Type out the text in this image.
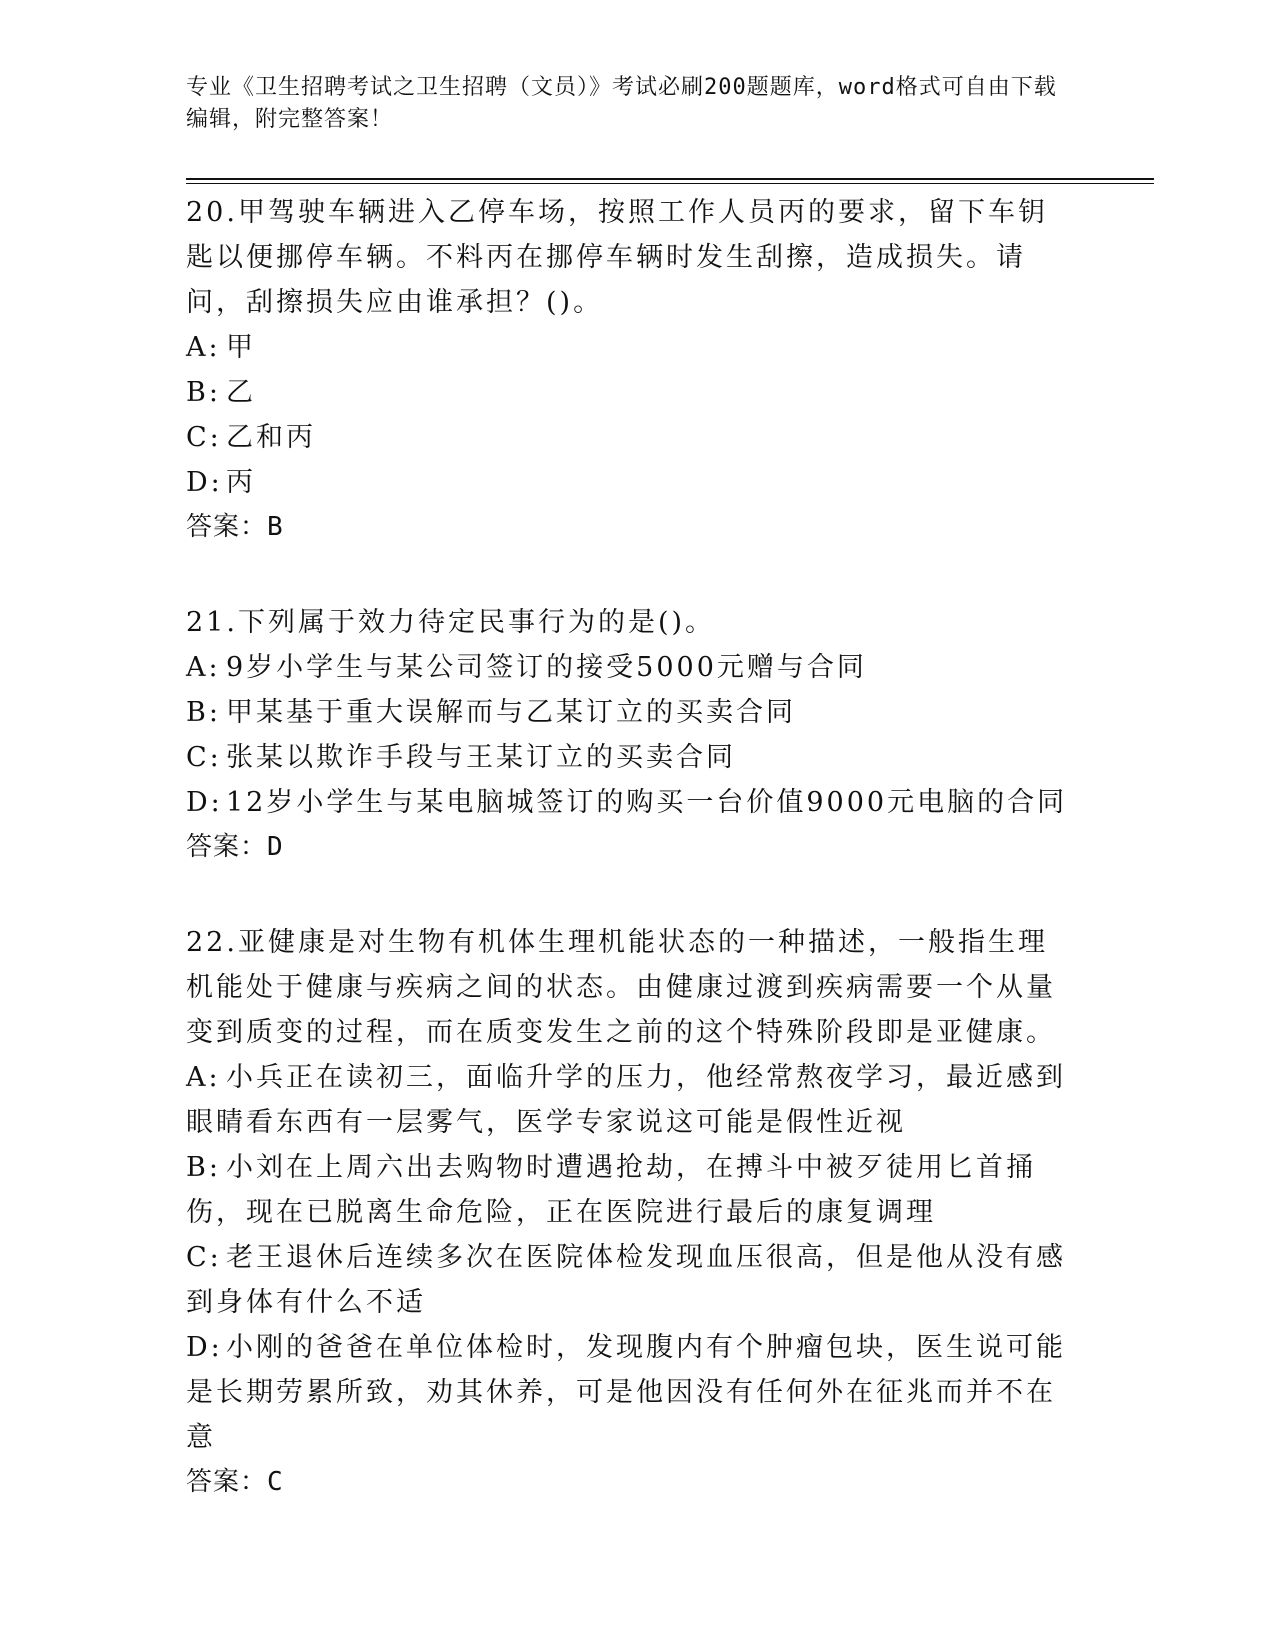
专业《卫生招聘考试之卫生招聘（文员）》考试必刷200题题库，word格式可自由下载编辑，附完整答案！

20.甲驾驶车辆进入乙停车场，按照工作人员丙的要求，留下车钥匙以便挪停车辆。不料丙在挪停车辆时发生刮擦，造成损失。请问，刮擦损失应由谁承担？()。

A: 甲

B: 乙

C: 乙和丙

D: 丙

答案：B

21.下列属于效力待定民事行为的是()。

A: 9岁小学生与某公司签订的接受5000元赠与合同

B: 甲某基于重大误解而与乙某订立的买卖合同

C: 张某以欺诈手段与王某订立的买卖合同

D: 12岁小学生与某电脑城签订的购买一台价值9000元电脑的合同

答案：D

22.亚健康是对生物有机体生理机能状态的一种描述，一般指生理机能处于健康与疾病之间的状态。由健康过渡到疾病需要一个从量变到质变的过程，而在质变发生之前的这个特殊阶段即是亚健康。

A: 小兵正在读初三，面临升学的压力，他经常熬夜学习，最近感到眼睛看东西有一层雾气，医学专家说这可能是假性近视

B: 小刘在上周六出去购物时遭遇抢劫，在搏斗中被歹徒用匕首捅伤，现在已脱离生命危险，正在医院进行最后的康复调理

C: 老王退休后连续多次在医院体检发现血压很高，但是他从没有感到身体有什么不适

D: 小刚的爸爸在单位体检时，发现腹内有个肿瘤包块，医生说可能是长期劳累所致，劝其休养，可是他因没有任何外在征兆而并不在意

答案：C
